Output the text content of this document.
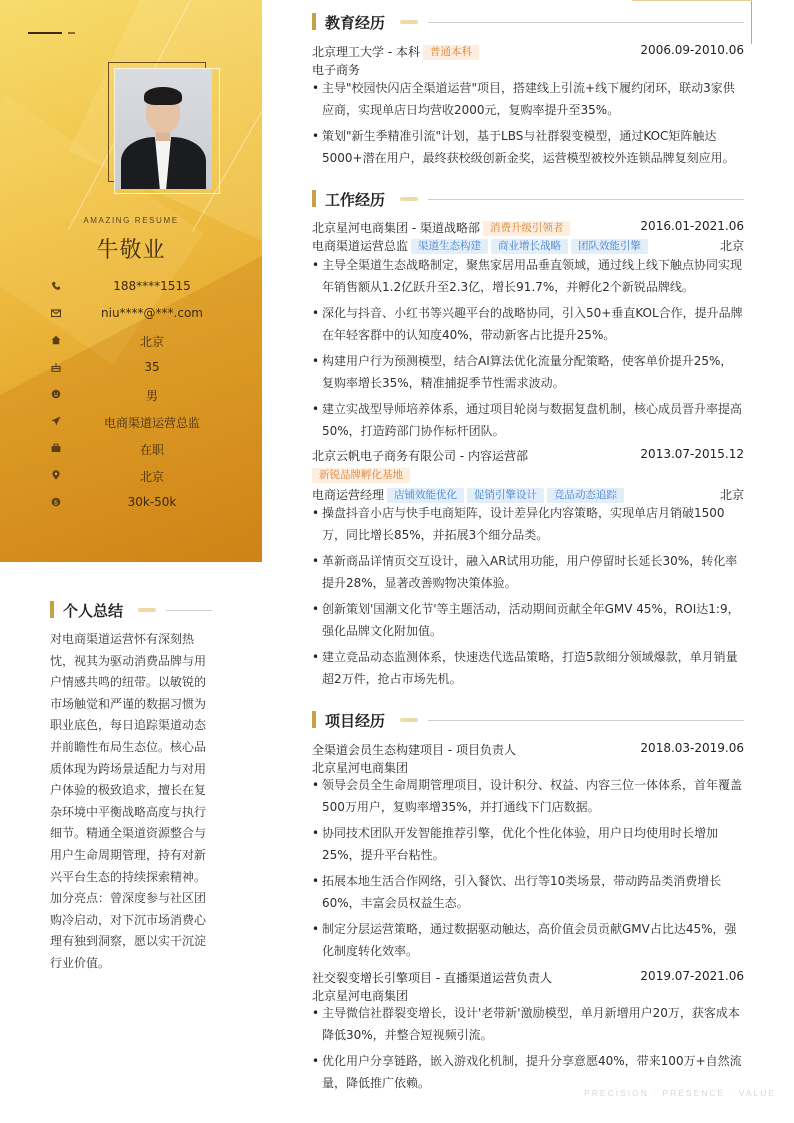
AMAZING RESUME
牛敬业
188****1515
niu****@***.com
北京
35
男
电商渠道运营总监
在职
北京
$	30k-50k
个人总结
对电商渠道运营怀有深刻热忱，视其为驱动消费品牌与用户情感共鸣的纽带。以敏锐的市场触觉和严谨的数据习惯为职业底色，每日追踪渠道动态并前瞻性布局生态位。核心品质体现为跨场景适配力与对用户体验的极致追求，擅长在复杂环境中平衡战略高度与执行细节。精通全渠道资源整合与用户生命周期管理，持有对新兴平台生态的持续探索精神。加分亮点：曾深度参与社区团购冷启动，对下沉市场消费心理有独到洞察，愿以实干沉淀行业价值。
教育经历
北京理工大学 - 本科 普通本科	2006.09-2010.06
电子商务
• 主导"校园快闪店全渠道运营"项目，搭建线上引流+线下履约闭环，联动3家供应商，实现单店日均营收2000元，复购率提升至35%。
• 策划"新生季精准引流"计划，基于LBS与社群裂变模型，通过KOC矩阵触达5000+潜在用户，最终获校级创新金奖，运营模型被校外连锁品牌复刻应用。
工作经历
北京星河电商集团 - 渠道战略部 消费升级引领者	2016.01-2021.06
电商渠道运营总监 渠道生态构建 商业增长战略 团队效能引擎	北京
• 主导全渠道生态战略制定，聚焦家居用品垂直领域，通过线上线下触点协同实现年销售额从1.2亿跃升至2.3亿，增长91.7%，并孵化2个新锐品牌线。
• 深化与抖音、小红书等兴趣平台的战略协同，引入50+垂直KOL合作，提升品牌在年轻客群中的认知度40%，带动新客占比提升25%。
• 构建用户行为预测模型，结合AI算法优化流量分配策略，使客单价提升25%，复购率增长35%，精准捕捉季节性需求波动。
• 建立实战型导师培养体系，通过项目轮岗与数据复盘机制，核心成员晋升率提高50%，打造跨部门协作标杆团队。
北京云帆电子商务有限公司 - 内容运营部	2013.07-2015.12
新锐品牌孵化基地
电商运营经理 店铺效能优化 促销引擎设计 竞品动态追踪	北京
• 操盘抖音小店与快手电商矩阵，设计差异化内容策略，实现单店月销破1500万，同比增长85%，并拓展3个细分品类。
• 革新商品详情页交互设计，融入AR试用功能，用户停留时长延长30%，转化率提升28%，显著改善购物决策体验。
• 创新策划'国潮文化节'等主题活动，活动期间贡献全年GMV 45%，ROI达1:9，强化品牌文化附加值。
• 建立竞品动态监测体系，快速迭代选品策略，打造5款细分领域爆款，单月销量超2万件，抢占市场先机。
项目经历
全渠道会员生态构建项目 - 项目负责人	2018.03-2019.06
北京星河电商集团
• 领导会员全生命周期管理项目，设计积分、权益、内容三位一体体系，首年覆盖500万用户，复购率增35%，并打通线下门店数据。
• 协同技术团队开发智能推荐引擎，优化个性化体验，用户日均使用时长增加25%，提升平台粘性。
• 拓展本地生活合作网络，引入餐饮、出行等10类场景，带动跨品类消费增长60%，丰富会员权益生态。
• 制定分层运营策略，通过数据驱动触达，高价值会员贡献GMV占比达45%，强化制度转化效率。
社交裂变增长引擎项目 - 直播渠道运营负责人	2019.07-2021.06
北京星河电商集团
• 主导微信社群裂变增长，设计'老带新'激励模型，单月新增用户20万，获客成本降低30%，并整合短视频引流。
• 优化用户分享链路，嵌入游戏化机制，提升分享意愿40%，带来100万+自然流量，降低推广依赖。
PRECISION · PRESENCE · VALUE
